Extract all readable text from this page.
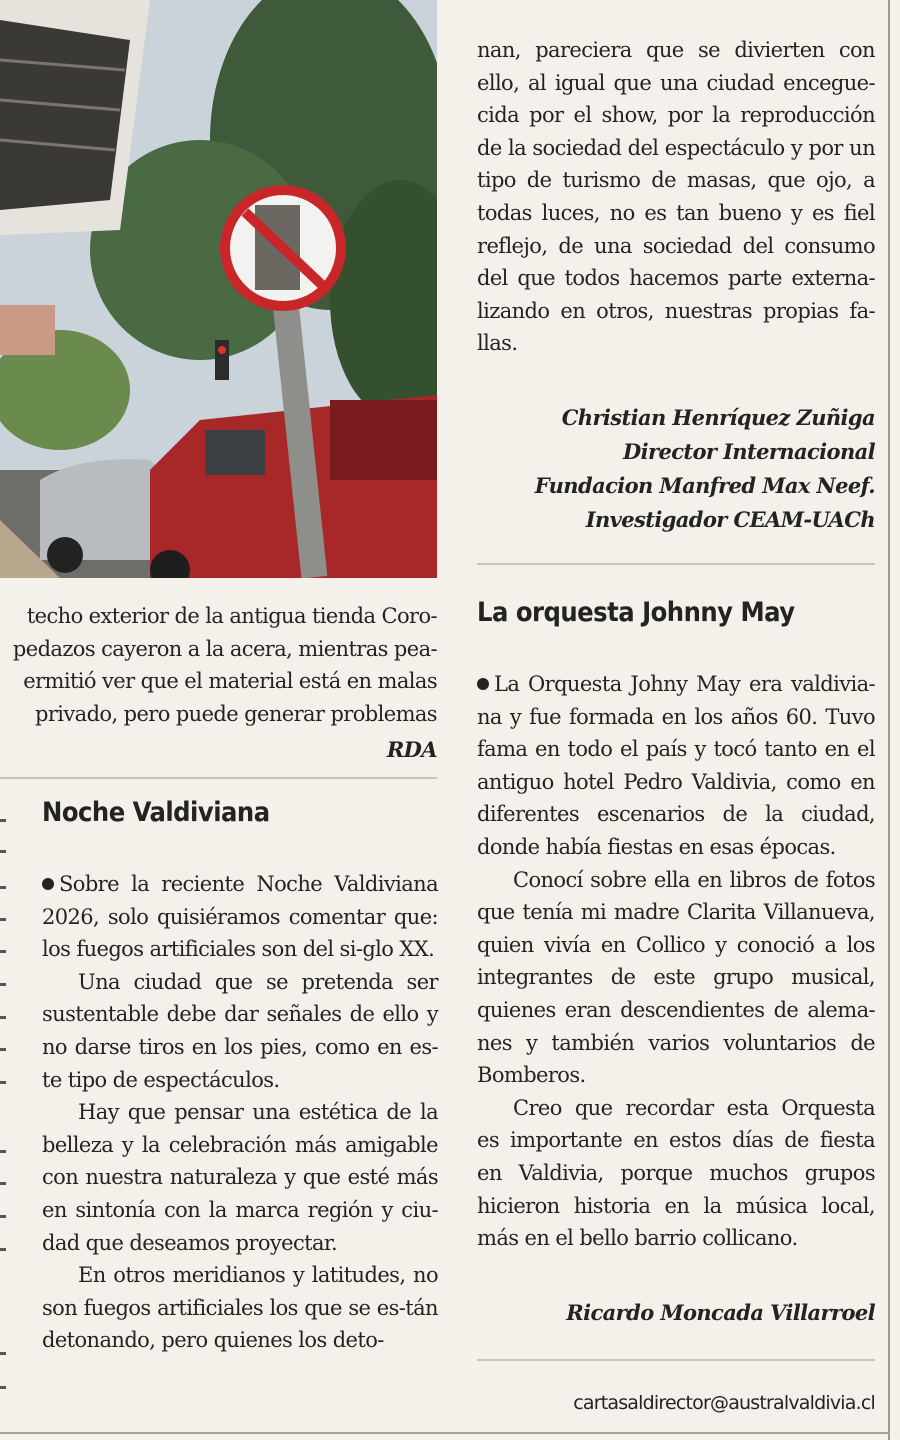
nan, pareciera que se divierten con ello, al igual que una ciudad encegue-cida por el show, por la reproducción de la sociedad del espectáculo y por un tipo de turismo de masas, que ojo, a todas luces, no es tan bueno y es fiel reflejo, de una sociedad del consumo del que todos hacemos parte externa-lizando en otros, nuestras propias fa-llas.

Christian Henríquez Zuñiga
Director Internacional
Fundacion Manfred Max Neef.
Investigador CEAM-UACh

techo exterior de la antigua tienda Coro-

pedazos cayeron a la acera, mientras pea-

ermitió ver que el material está en malas

privado, pero puede generar problemas

RDA
Noche Valdiviana

Sobre la reciente Noche Valdiviana 2026, solo quisiéramos comentar que: los fuegos artificiales son del si-glo XX.

Una ciudad que se pretenda ser sustentable debe dar señales de ello y no darse tiros en los pies, como en es-te tipo de espectáculos.

Hay que pensar una estética de la belleza y la celebración más amigable con nuestra naturaleza y que esté más en sintonía con la marca región y ciu-dad que deseamos proyectar.

En otros meridianos y latitudes, no son fuegos artificiales los que se es-tán detonando, pero quienes los deto-

La orquesta Johnny May

La Orquesta Johny May era valdivia-na y fue formada en los años 60. Tuvo fama en todo el país y tocó tanto en el antiguo hotel Pedro Valdivia, como en diferentes escenarios de la ciudad, donde había fiestas en esas épocas.

Conocí sobre ella en libros de fotos que tenía mi madre Clarita Villanueva, quien vivía en Collico y conoció a los integrantes de este grupo musical, quienes eran descendientes de alema-nes y también varios voluntarios de Bomberos.

Creo que recordar esta Orquesta es importante en estos días de fiesta en Valdivia, porque muchos grupos hicieron historia en la música local, más en el bello barrio collicano.

Ricardo Moncada Villarroel
cartasaldirector@australvaldivia.cl
